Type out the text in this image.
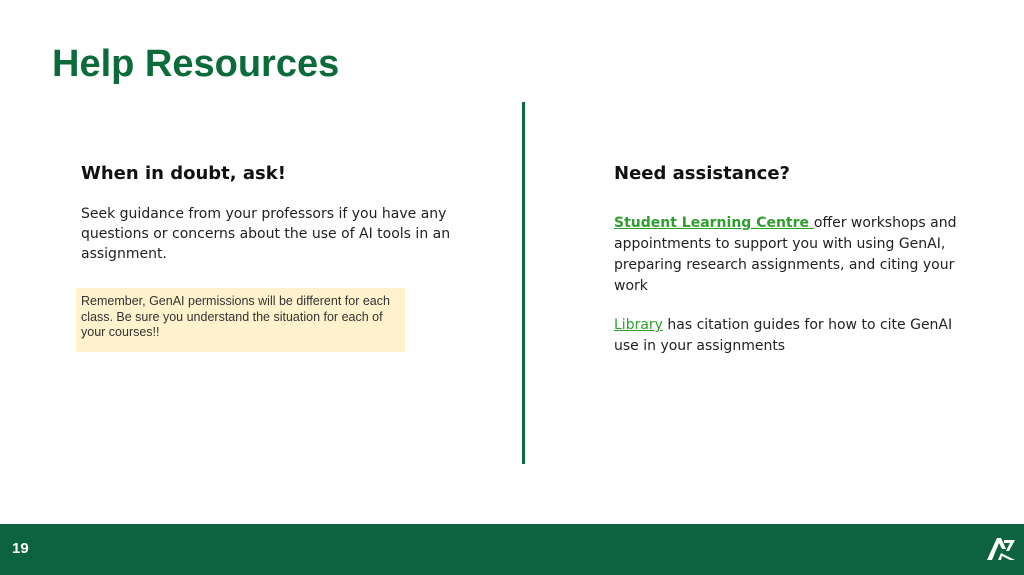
Help Resources
When in doubt, ask!

Seek guidance from your professors if you have any questions or concerns about the use of AI tools in an assignment.

Remember, GenAI permissions will be different for each class. Be sure you understand the situation for each of your courses!!
Need assistance?

Student Learning Centre offer workshops and appointments to support you with using GenAI, preparing research assignments, and citing your work

Library has citation guides for how to cite GenAI use in your assignments

19
